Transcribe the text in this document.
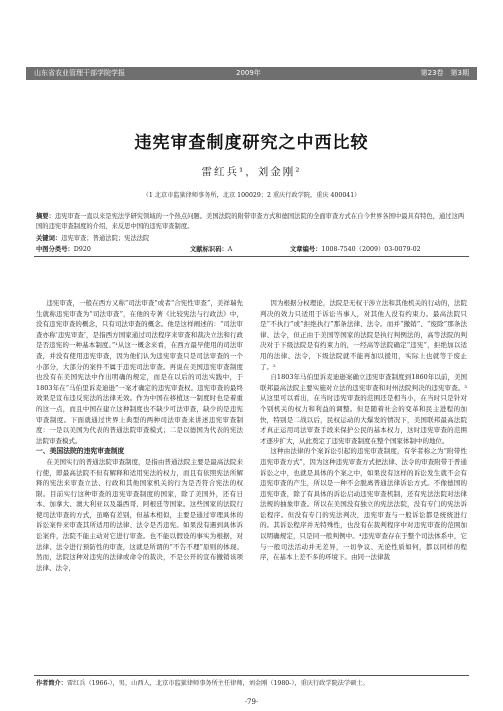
山东省农业管理干部学院学报	2009年	第23卷　第3期
违宪审查制度研究之中西比较
雷红兵¹，刘金刚²
（1 北京市监狱律师事务所，北京 100029；2 重庆行政学院，重庆 400041）
摘要：违宪审查一直以来是宪法学研究领域的一个热点问题。美国法院的附带审查方式和德国法院的全面审查方式在自今世界各国中最具有特色，通过这两国的违宪审查制度的介绍，来反思中国的违宪审查制度。
关键词：违宪审查；普通法院；宪法法院
中图分类号：D920	文献标识码：A	文章编号：1008-7540（2009）03-0079-02

违宪审查，一般在西方又称“司法审查”或者“合宪性审查”，美祥瑞先生就称违宪审查为“司法审查”，在他的专著《比较宪法与行政法》中，没有违宪审查的概念，只有司法审查的概念。他是这样阐述的：“司法审查亦称‘违宪审查’，是指西方国家通过司法程序来审查和裁决立法和行政是否违宪的一种基本制度。”¹从这一概念来看，在西方最早使用的司法审查，并没有使用违宪审查，因为他们认为违宪审查只是司法审查的一个小部分，大部分的案件不属于违宪司法审查。再说在美国违宪审查制度也没有在美国宪法中作出明确的规定，而是在以后的司法实践中，于1803年在“马伯里诉麦迪逊”一案才确定的违宪审查权。违宪审查的最终效果是宣布违反宪法的法律无效。作为中国在移植这一制度时也是着重的这一点，而且中国在建立这种制度也不缺少可法审查，缺少的是违宪审查制度。下面就通过世界上典型的两种司法审查来讲述违宪审查制度：一是以美国为代表的普通法院审查模式；二是以德国为代表的宪法法院审查模式。

一、美国法院的违宪审查制度

在美国实行的普通法院审查制度，是指由普通法院主要是最高法院来行使，即最高法院不但有解释和适用宪法的权力，而且有依照宪法所解释的宪法来审查立法、行政和其他国家机关的行为是否符合宪法的权限。目前实行这种审查的违宪审查制度的国家，除了美国外，还有日本、加拿大、澳大利亚以及墨西哥、阿根廷等国家。这些国家的法院行使司法审查的方式，虽略有差别，但基本相似，主要是通过审理具体的诉讼案件来审查其所适用的法律、法令是否违宪。如果没有遇到具体诉讼案件，法院不能主动对它进行审查。也不能以假设的事实为根据，对法律、法令进行预防性的审查，这就是所谓的“不告不理”原则的体现。然而，法院这种对违宪的法律或命令的裁决，不是公开的宣布撤销该项法律、法令，

因为根据分权理论，法院是无权干涉立法和其他机关的行动的，法院判决的效力只适用于诉讼当事人，对其他人没有约束力。最高法院只是“不执行”或“拒绝执行”那条法律、法令。而并“撤销”、“废除”那条法律、法令，但正由于美国等国家的法院是执行判例法的，高等法院的判决对于下级法院是有约束力的，一经高等法院确定“违宪”，拒绝加以适用的法律、法令，下级法院就不能再加以援用，实际上也就等于废止了。²

自1803年马伯里诉麦迪逊案确立违宪审查制度到1860年以前，美国联邦最高法院主要实施对立法的违宪审查和对州法院判决的违宪审查。³从这里可以看出，在当时违宪审查的范围还是相当小，在当时只是针对个别机关的权力和利益的调整。但是随着社会的变革和民主进程的加快，特别是二战以后，民权运动的大爆发的情况下，美国联邦最高法院才真正运用司法审查手段来保护公民的基本权力，这时违宪审查的范围才逐步扩大，从此奠定了违宪审查制度在整个国家体制中的地位。

这种由法律的个案诉讼引起的违宪审查制度，有学者称之为“附带性违宪审查方式”，因为这种违宪审查方式把法律、法令的审查附带于普通诉讼之中，也就是具体的个案之中，如果没有这样的诉讼发生就不会有违宪审查的产生，所以是一种不会脱离普通法律诉讼方式。不像德国的违宪审查，除了有具体的诉讼启动违宪审查机制，还有宪法法院对法律法规的抽象审查。所以在美国没有独立的宪法法院，没有专门的宪法诉讼程序。但没有专门的宪法判决，违宪审查与一般诉讼都是统统进行的。其诉讼程序并无特殊性，也没有在裁判程序中对违宪审查的范围加以明确规定，只是同一般判例中。⁴违宪审查存在于整个司法体系中，它与一般司法活动并无差异，一切争议、无论性质如何，都以同样的程序，在基本上差不多的环境下。由同一法律裁

作者简介：雷红兵（1966-），男，山西人，北京市监狱律师事务所主任律师，刘金刚（1980-），重庆行政学院法学硕士。
·79·
